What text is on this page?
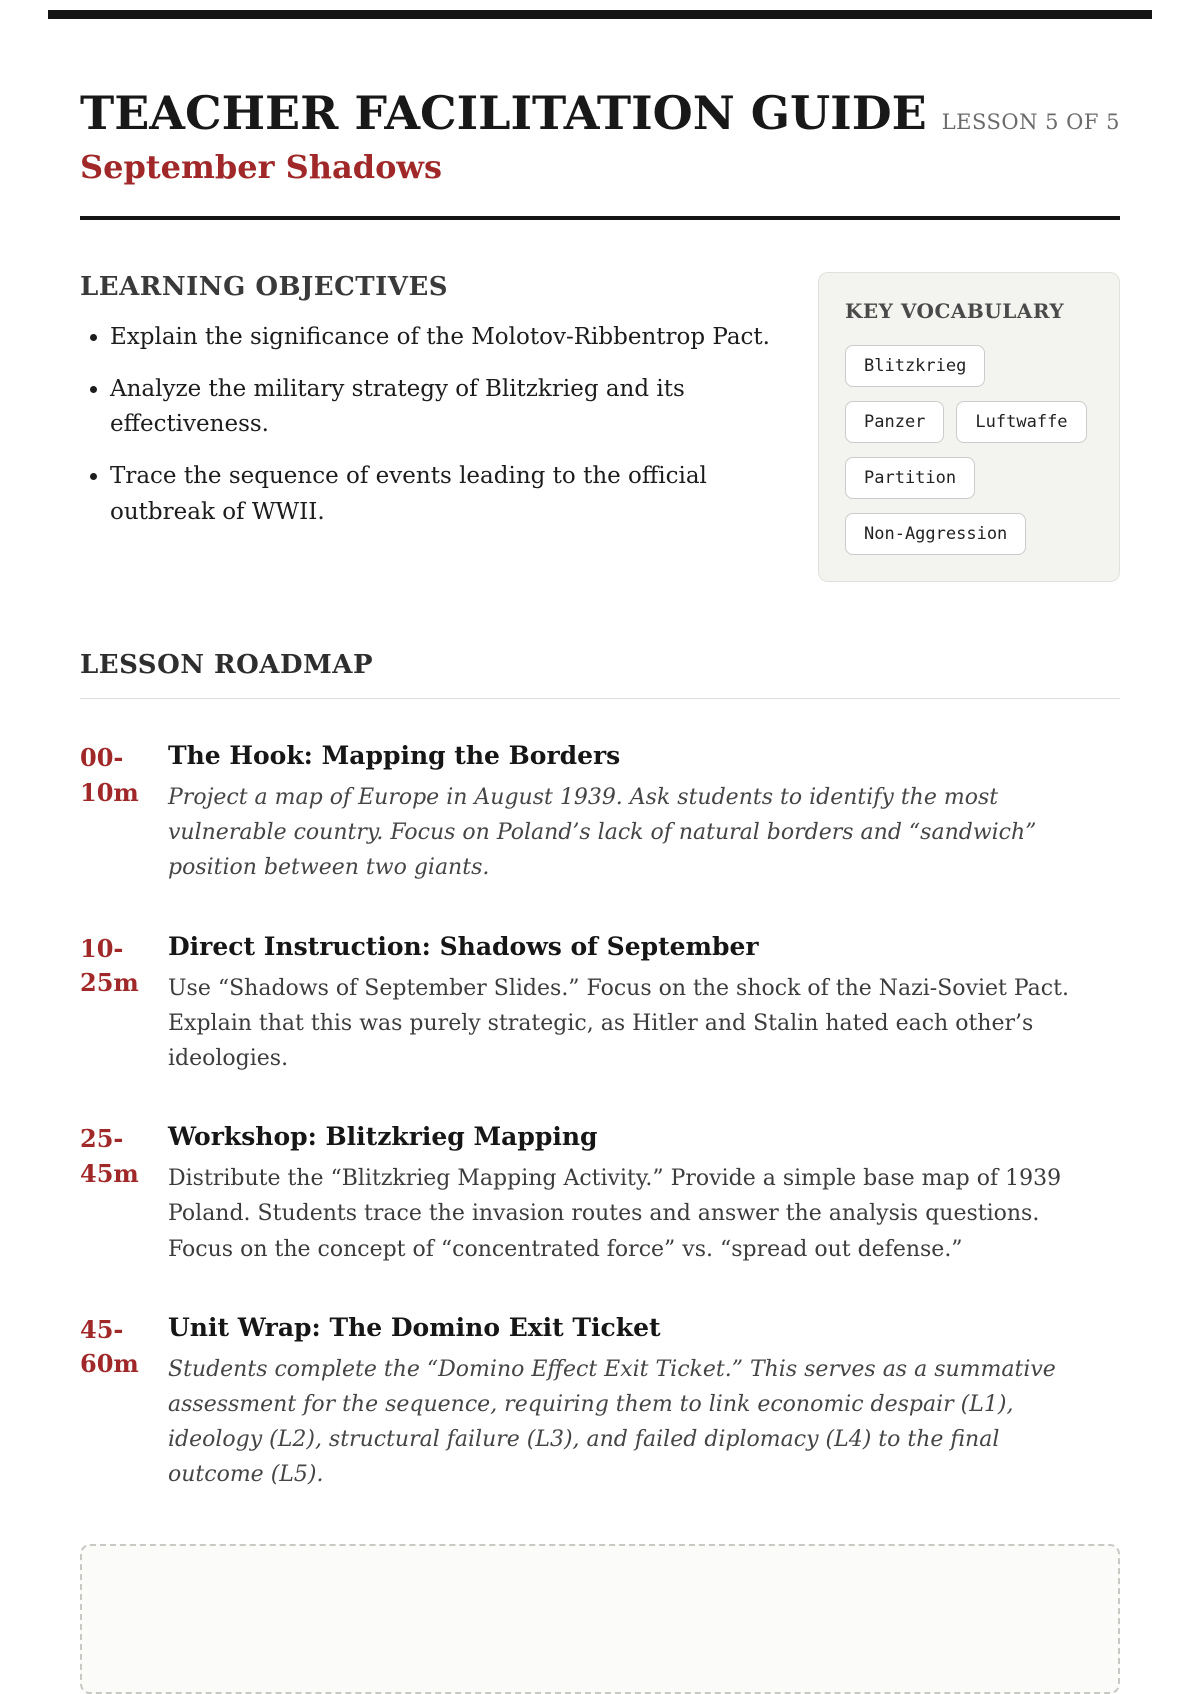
TEACHER FACILITATION GUIDE LESSON 5 OF 5
September Shadows
LEARNING OBJECTIVES
• Explain the significance of the Molotov-Ribbentrop Pact.
• Analyze the military strategy of Blitzkrieg and its effectiveness.
• Trace the sequence of events leading to the official outbreak of WWII.
KEY VOCABULARY
Blitzkrieg
Panzer	Luftwaffe
Partition
Non-Aggression
LESSON ROADMAP
00-
10m
The Hook: Mapping the Borders

Project a map of Europe in August 1939. Ask students to identify the most vulnerable country. Focus on Poland’s lack of natural borders and “sandwich” position between two giants.

10-
25m
Direct Instruction: Shadows of September

Use “Shadows of September Slides.” Focus on the shock of the Nazi-Soviet Pact. Explain that this was purely strategic, as Hitler and Stalin hated each other’s ideologies.

25-
45m
Workshop: Blitzkrieg Mapping

Distribute the “Blitzkrieg Mapping Activity.” Provide a simple base map of 1939 Poland. Students trace the invasion routes and answer the analysis questions. Focus on the concept of “concentrated force” vs. “spread out defense.”

45-
60m
Unit Wrap: The Domino Exit Ticket

Students complete the “Domino Effect Exit Ticket.” This serves as a summative assessment for the sequence, requiring them to link economic despair (L1), ideology (L2), structural failure (L3), and failed diplomacy (L4) to the final outcome (L5).
